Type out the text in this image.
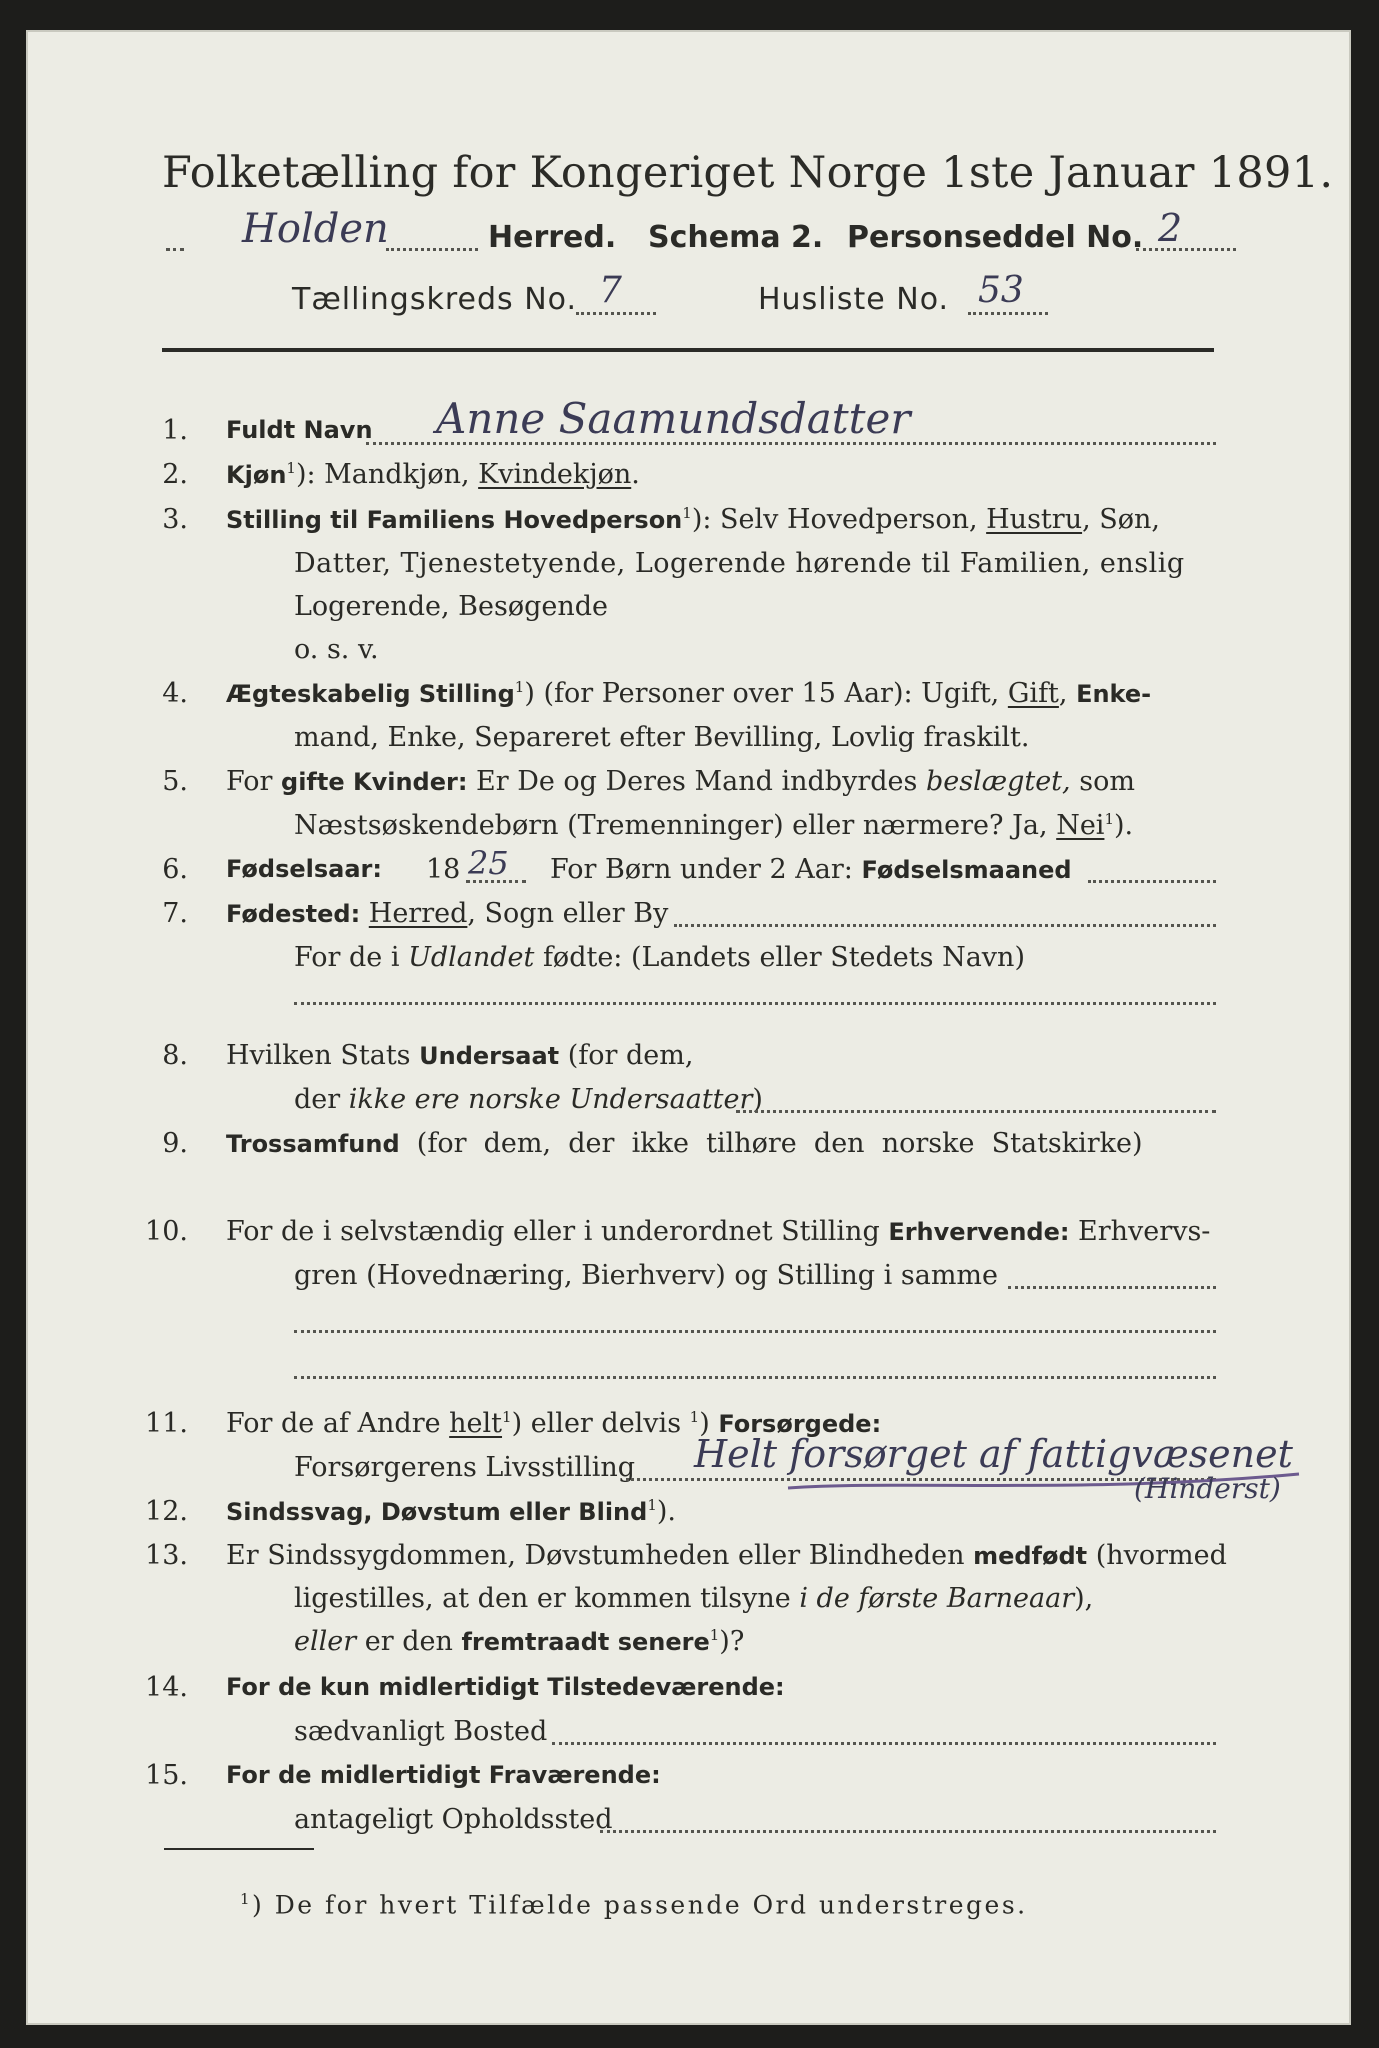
Folketælling for Kongeriget Norge 1ste Januar 1891.
Holden	Herred. Schema 2. Personseddel No. 2
Tællingskreds No. 7	Husliste No. 53
1. Fuldt Navn Anne Saamundsdatter
2. Kjøn$^1$): Mandkjøn, Kvindekjøn.
3. Stilling til Familiens Hovedperson$^1$): Selv Hovedperson, Hustru, Søn,
Datter, Tjenestetyende, Logerende hørende til Familien, enslig
Logerende, Besøgende
o. s. v.
4. Ægteskabelig Stilling$^1$) (for Personer over 15 Aar): Ugift, Gift, Enke-
mand, Enke, Separeret efter Bevilling, Lovlig fraskilt.
5. For gifte Kvinder: Er De og Deres Mand indbyrdes beslægtet, som
Næstsøskendebørn (Tremenninger) eller nærmere? Ja, Nei$^1$).
6. Fødselsaar: 18 25 For Børn under 2 Aar: Fødselsmaaned
7. Fødested: Herred, Sogn eller By
For de i Udlandet fødte: (Landets eller Stedets Navn)
8. Hvilken Stats Undersaat (for dem,
der ikke ere norske Undersaatter)
9. Trossamfund  (for  dem,  der  ikke  tilhøre  den  norske  Statskirke)
10. For de i selvstændig eller i underordnet Stilling Erhvervende: Erhvervs-
gren (Hovednæring, Bierhverv) og Stilling i samme
11. For de af Andre helt$^1$) eller delvis $^1$) Forsørgede:
Forsørgerens Livsstilling Helt forsørget af fattigvæsenet
(Hinderst)
12. Sindssvag, Døvstum eller Blind$^1$).
13. Er Sindssygdommen, Døvstumheden eller Blindheden medfødt (hvormed
ligestilles, at den er kommen tilsyne i de første Barneaar),
eller er den fremtraadt senere$^1$)?
14. For de kun midlertidigt Tilstedeværende:
sædvanligt Bosted
15. For de midlertidigt Fraværende:
antageligt Opholdssted
$^1$) De for hvert Tilfælde passende Ord understreges.
